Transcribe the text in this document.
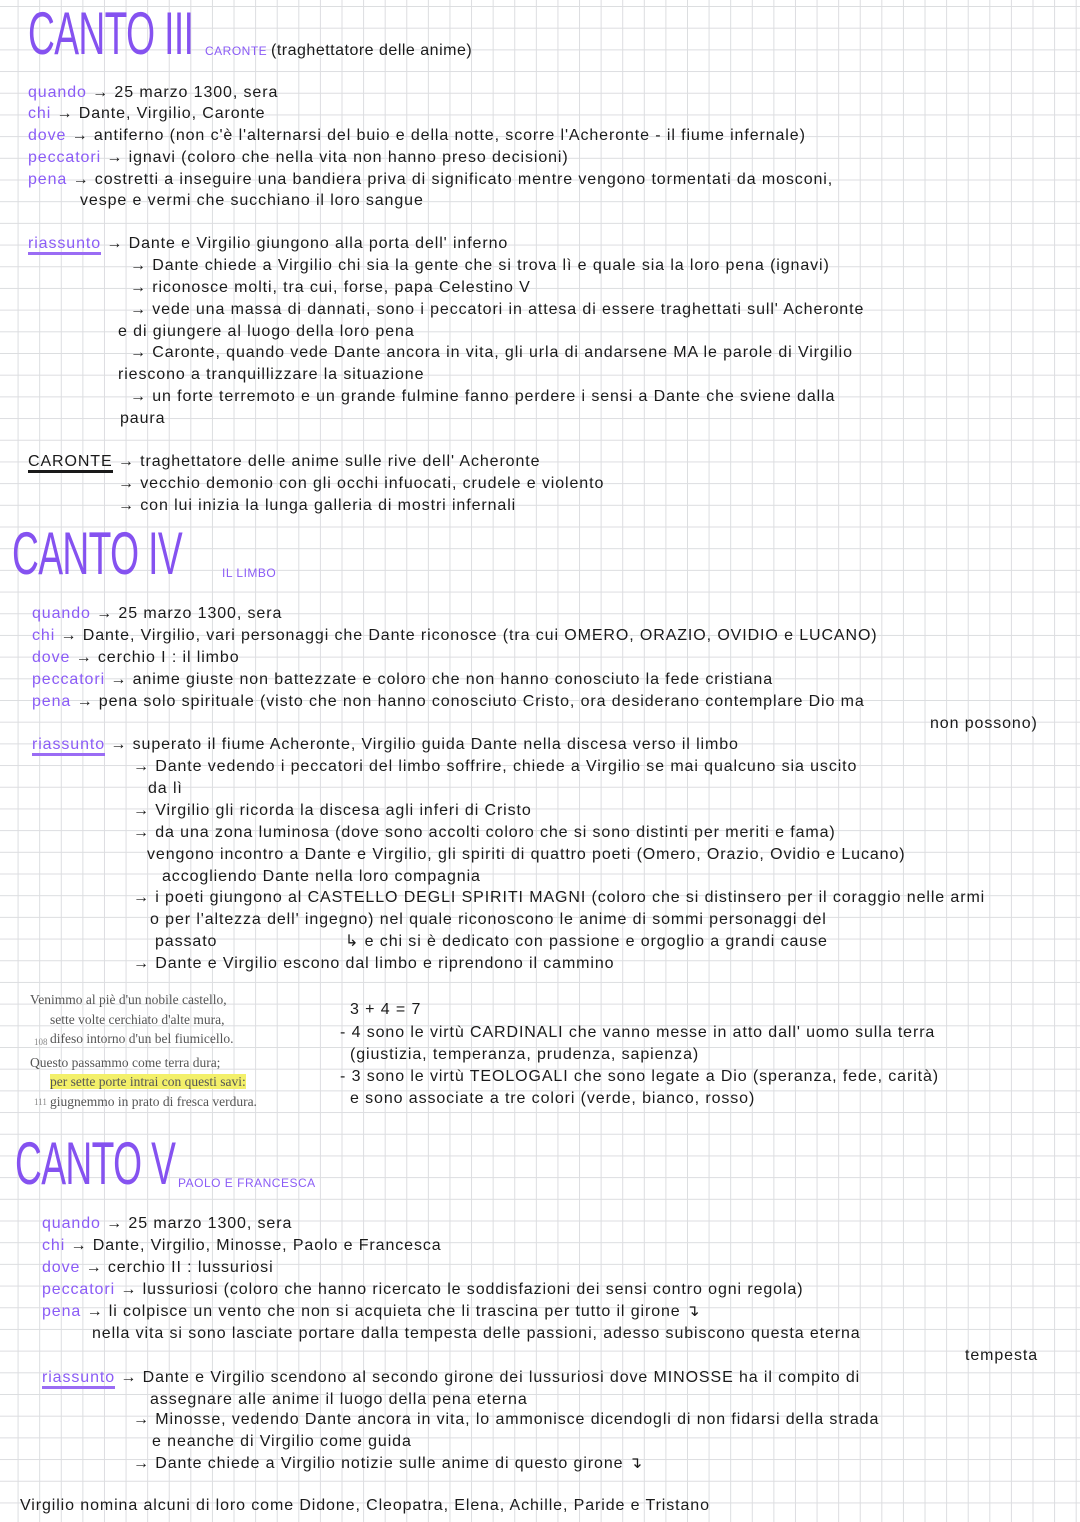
CANTO III CARONTE (traghettatore delle anime)
CANTO IV	IL LIMBO
Venimmo al piè d'un nobile castello,
sette volte cerchiato d'alte mura,
difeso intorno d'un bel fiumicello.
Questo passammo come terra dura;
per sette porte intrai con questi savi:
giugnemmo in prato di fresca verdura.
108
111
CANTO V PAOLO E FRANCESCA
quando → 25 marzo 1300, sera
chi → Dante, Virgilio, Caronte
dove → antiferno (non c'è l'alternarsi del buio e della notte, scorre l'Acheronte - il fiume infernale)
peccatori → ignavi (coloro che nella vita non hanno preso decisioni)
pena → costretti a inseguire una bandiera priva di significato mentre vengono tormentati da mosconi,
vespe e vermi che succhiano il loro sangue
riassunto → Dante e Virgilio giungono alla porta dell' inferno
→ Dante chiede a Virgilio chi sia la gente che si trova lì e quale sia la loro pena (ignavi)
→ riconosce molti, tra cui, forse, papa Celestino V
→ vede una massa di dannati, sono i peccatori in attesa di essere traghettati sull' Acheronte
e di giungere al luogo della loro pena
→ Caronte, quando vede Dante ancora in vita, gli urla di andarsene MA le parole di Virgilio
riescono a tranquillizzare la situazione
→ un forte terremoto e un grande fulmine fanno perdere i sensi a Dante che sviene dalla
paura
CARONTE → traghettatore delle anime sulle rive dell' Acheronte
→ vecchio demonio con gli occhi infuocati, crudele e violento
→ con lui inizia la lunga galleria di mostri infernali
quando → 25 marzo 1300, sera
chi → Dante, Virgilio, vari personaggi che Dante riconosce (tra cui OMERO, ORAZIO, OVIDIO e LUCANO)
dove → cerchio I : il limbo
peccatori → anime giuste non battezzate e coloro che non hanno conosciuto la fede cristiana
pena → pena solo spirituale (visto che non hanno conosciuto Cristo, ora desiderano contemplare Dio ma
non possono)
riassunto → superato il fiume Acheronte, Virgilio guida Dante nella discesa verso il limbo
→ Dante vedendo i peccatori del limbo soffrire, chiede a Virgilio se mai qualcuno sia uscito
da lì
→ Virgilio gli ricorda la discesa agli inferi di Cristo
→ da una zona luminosa (dove sono accolti coloro che si sono distinti per meriti e fama)
vengono incontro a Dante e Virgilio, gli spiriti di quattro poeti (Omero, Orazio, Ovidio e Lucano)
accogliendo Dante nella loro compagnia
→ i poeti giungono al CASTELLO DEGLI SPIRITI MAGNI (coloro che si distinsero per il coraggio nelle armi
o per l'altezza dell' ingegno) nel quale riconoscono le anime di sommi personaggi del
passato	↳ e chi si è dedicato con passione e orgoglio a grandi cause
→ Dante e Virgilio escono dal limbo e riprendono il cammino
quando → 25 marzo 1300, sera
chi → Dante, Virgilio, Minosse, Paolo e Francesca
dove → cerchio II : lussuriosi
peccatori → lussuriosi (coloro che hanno ricercato le soddisfazioni dei sensi contro ogni regola)
pena → li colpisce un vento che non si acquieta che li trascina per tutto il girone ↴
nella vita si sono lasciate portare dalla tempesta delle passioni, adesso subiscono questa eterna
tempesta
riassunto → Dante e Virgilio scendono al secondo girone dei lussuriosi dove MINOSSE ha il compito di
assegnare alle anime il luogo della pena eterna
→ Minosse, vedendo Dante ancora in vita, lo ammonisce dicendogli di non fidarsi della strada
e neanche di Virgilio come guida
→ Dante chiede a Virgilio notizie sulle anime di questo girone ↴
Virgilio nomina alcuni di loro come Didone, Cleopatra, Elena, Achille, Paride e Tristano
3 + 4 = 7
- 4 sono le virtù CARDINALI che vanno messe in atto dall' uomo sulla terra
(giustizia, temperanza, prudenza, sapienza)
- 3 sono le virtù TEOLOGALI che sono legate a Dio (speranza, fede, carità)
e sono associate a tre colori (verde, bianco, rosso)
